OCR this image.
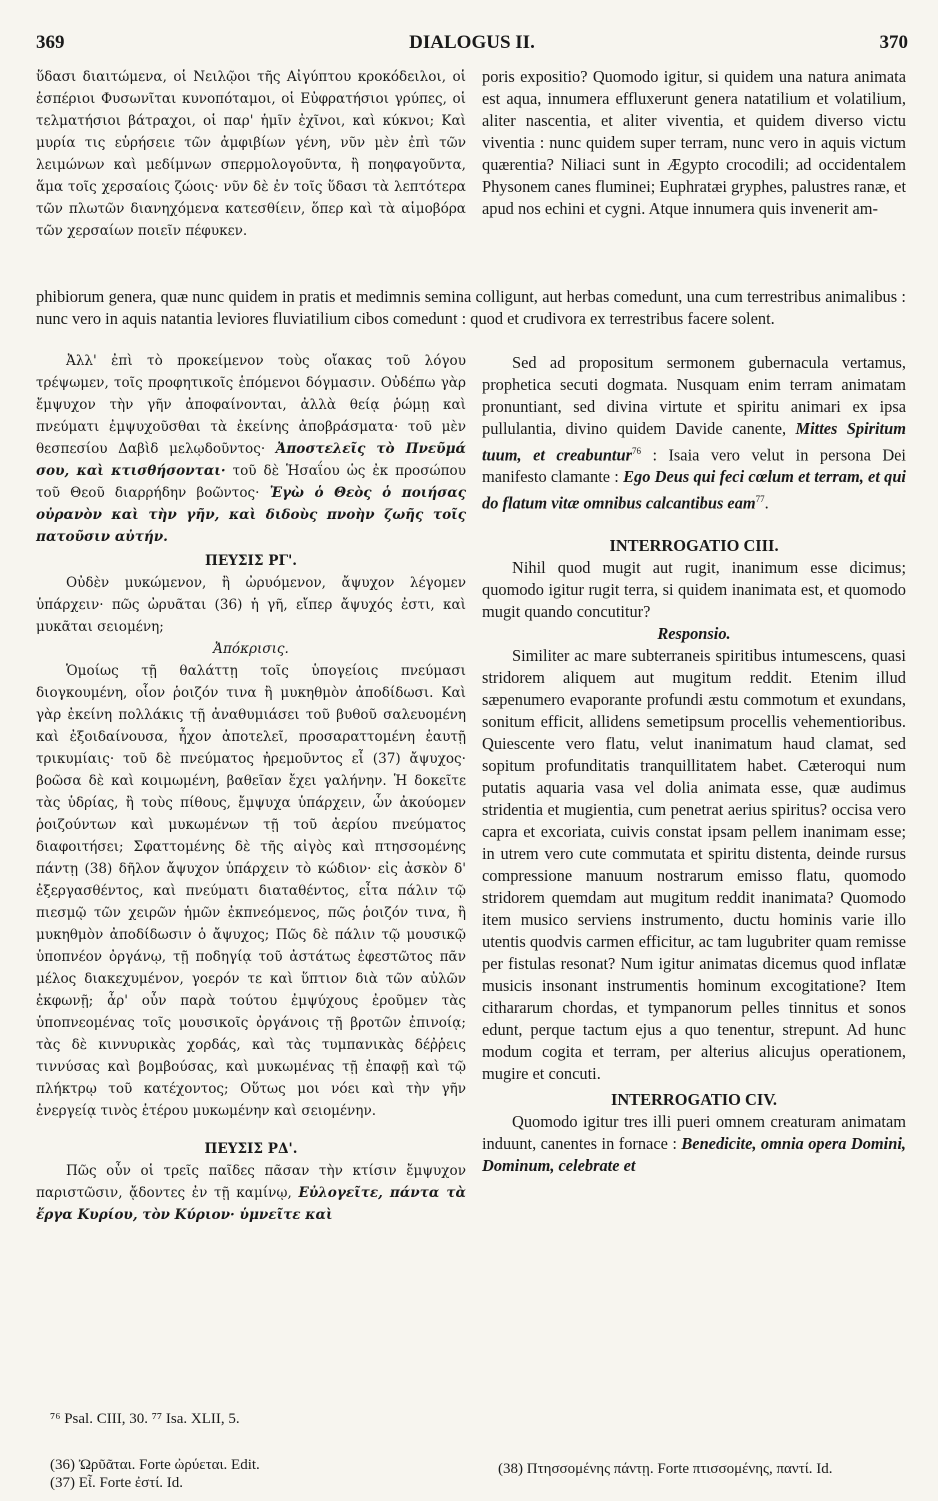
369	DIALOGUS II.	370

ὕδασι διαιτώμενα, οἱ Νειλῷοι τῆς Αἰγύπτου κροκόδειλοι, οἱ ἑσπέριοι Φυσωνῖται κυνοπόταμοι, οἱ Εὐφρατήσιοι γρύπες, οἱ τελματήσιοι βάτραχοι, οἱ παρ' ἡμῖν ἐχῖνοι, καὶ κύκνοι; Καὶ μυρία τις εὑρήσειε τῶν ἀμφιβίων γένη, νῦν μὲν ἐπὶ τῶν λειμώνων καὶ μεδίμνων σπερμολογοῦντα, ἢ ποηφαγοῦντα, ἅμα τοῖς χερσαίοις ζώοις· νῦν δὲ ἐν τοῖς ὕδασι τὰ λεπτότερα τῶν πλωτῶν διανηχόμενα κατεσθίειν, ὅπερ καὶ τὰ αἱμοβόρα τῶν χερσαίων ποιεῖν πέφυκεν.

poris expositio? Quomodo igitur, si quidem una natura animata est aqua, innumera effluxerunt genera natatilium et volatilium, aliter nascentia, et aliter viventia, et quidem diverso victu viventia : nunc quidem super terram, nunc vero in aquis victum quærentia? Niliaci sunt in Ægypto crocodili; ad occidentalem Physonem canes fluminei; Euphratæi gryphes, palustres ranæ, et apud nos echini et cygni. Atque innumera quis invenerit am-

phibiorum genera, quæ nunc quidem in pratis et medimnis semina colligunt, aut herbas comedunt, una cum terrestribus animalibus : nunc vero in aquis natantia leviores fluviatilium cibos comedunt : quod et crudivora ex terrestribus facere solent.

Ἀλλ' ἐπὶ τὸ προκείμενον τοὺς οἴακας τοῦ λόγου τρέψωμεν, τοῖς προφητικοῖς ἑπόμενοι δόγμασιν. Οὐδέπω γὰρ ἔμψυχον τὴν γῆν ἀποφαίνονται, ἀλλὰ θείᾳ ῥώμῃ καὶ πνεύματι ἐμψυχοῦσθαι τὰ ἐκείνης ἀποβράσματα· τοῦ μὲν θεσπεσίου Δαβὶδ μελῳδοῦντος· Ἀποστελεῖς τὸ Πνεῦμά σου, καὶ κτισθήσονται· τοῦ δὲ Ἡσαΐου ὡς ἐκ προσώπου τοῦ Θεοῦ διαρρήδην βοῶντος· Ἐγὼ ὁ Θεὸς ὁ ποιήσας οὐρανὸν καὶ τὴν γῆν, καὶ διδοὺς πνοὴν ζωῆς τοῖς πατοῦσιν αὐτήν.

ΠΕΥΣΙΣ ΡΓ'.

Οὐδὲν μυκώμενον, ἢ ὠρυόμενον, ἄψυχον λέγομεν ὑπάρχειν· πῶς ὠρυᾶται (36) ἡ γῆ, εἴπερ ἄψυχός ἐστι, καὶ μυκᾶται σειομένη;

Ἀπόκρισις.

Ὁμοίως τῇ θαλάττῃ τοῖς ὑπογείοις πνεύμασι διογκουμένη, οἷον ῥοιζόν τινα ἢ μυκηθμὸν ἀποδίδωσι. Καὶ γὰρ ἐκείνη πολλάκις τῇ ἀναθυμιάσει τοῦ βυθοῦ σαλευομένη καὶ ἐξοιδαίνουσα, ἦχον ἀποτελεῖ, προσαραττομένη ἑαυτῇ τρικυμίαις· τοῦ δὲ πνεύματος ἠρεμοῦντος εἶ (37) ἄψυχος· βοῶσα δὲ καὶ κοιμωμένη, βαθεῖαν ἔχει γαλήνην. Ἡ δοκεῖτε τὰς ὑδρίας, ἢ τοὺς πίθους, ἔμψυχα ὑπάρχειν, ὧν ἀκούομεν ῥοιζούντων καὶ μυκωμένων τῇ τοῦ ἀερίου πνεύματος διαφοιτήσει; Σφαττομένης δὲ τῆς αἰγὸς καὶ πτησσομένης πάντῃ (38) δῆλον ἄψυχον ὑπάρχειν τὸ κώδιον· εἰς ἀσκὸν δ' ἐξεργασθέντος, καὶ πνεύματι διαταθέντος, εἶτα πάλιν τῷ πιεσμῷ τῶν χειρῶν ἡμῶν ἐκπνεόμενος, πῶς ῥοιζόν τινα, ἢ μυκηθμὸν ἀποδίδωσιν ὁ ἄψυχος; Πῶς δὲ πάλιν τῷ μουσικῷ ὑποπνέον ὀργάνῳ, τῇ ποδηγίᾳ τοῦ ἀστάτως ἐφεστῶτος πᾶν μέλος διακεχυμένον, γοερόν τε καὶ ὕπτιον διὰ τῶν αὐλῶν ἐκφωνῇ; ἆρ' οὖν παρὰ τούτου ἐμψύχους ἐροῦμεν τὰς ὑποπνεομένας τοῖς μουσικοῖς ὀργάνοις τῇ βροτῶν ἐπινοίᾳ; τὰς δὲ κιννυρικὰς χορδάς, καὶ τὰς τυμπανικὰς δέῤῥεις τιννύσας καὶ βομβούσας, καὶ μυκωμένας τῇ ἐπαφῇ καὶ τῷ πλήκτρῳ τοῦ κατέχοντος; Οὕτως μοι νόει καὶ τὴν γῆν ἐνεργείᾳ τινὸς ἑτέρου μυκωμένην καὶ σειομένην.

ΠΕΥΣΙΣ ΡΔ'.

Πῶς οὖν οἱ τρεῖς παῖδες πᾶσαν τὴν κτίσιν ἔμψυχον παριστῶσιν, ᾄδοντες ἐν τῇ καμίνῳ, Εὐλογεῖτε, πάντα τὰ ἔργα Κυρίου, τὸν Κύριον· ὑμνεῖτε καὶ

Sed ad propositum sermonem gubernacula vertamus, prophetica secuti dogmata. Nusquam enim terram animatam pronuntiant, sed divina virtute et spiritu animari ex ipsa pullulantia, divino quidem Davide canente, Mittes Spiritum tuum, et creabuntur$^{76}$ : Isaia vero velut in persona Dei manifesto clamante : Ego Deus qui feci cœlum et terram, et qui do flatum vitæ omnibus calcantibus eam$^{77}$.

INTERROGATIO CIII.

Nihil quod mugit aut rugit, inanimum esse dicimus; quomodo igitur rugit terra, si quidem inanimata est, et quomodo mugit quando concutitur?

Responsio.

Similiter ac mare subterraneis spiritibus intumescens, quasi stridorem aliquem aut mugitum reddit. Etenim illud sæpenumero evaporante profundi æstu commotum et exundans, sonitum efficit, allidens semetipsum procellis vehementioribus. Quiescente vero flatu, velut inanimatum haud clamat, sed sopitum profunditatis tranquillitatem habet. Cæteroqui num putatis aquaria vasa vel dolia animata esse, quæ audimus stridentia et mugientia, cum penetrat aerius spiritus? occisa vero capra et excoriata, cuivis constat ipsam pellem inanimam esse; in utrem vero cute commutata et spiritu distenta, deinde rursus compressione manuum nostrarum emisso flatu, quomodo stridorem quemdam aut mugitum reddit inanimata? Quomodo item musico serviens instrumento, ductu hominis varie illo utentis quodvis carmen efficitur, ac tam lugubriter quam remisse per fistulas resonat? Num igitur animatas dicemus quod inflatæ musicis insonant instrumentis hominum excogitatione? Item cithararum chordas, et tympanorum pelles tinnitus et sonos edunt, perque tactum ejus a quo tenentur, strepunt. Ad hunc modum cogita et terram, per alterius alicujus operationem, mugire et concuti.

INTERROGATIO CIV.

Quomodo igitur tres illi pueri omnem creaturam animatam induunt, canentes in fornace : Benedicite, omnia opera Domini, Dominum, celebrate et

⁷⁶ Psal. CIII, 30. ⁷⁷ Isa. XLII, 5.
(36) Ὠρῦᾶται. Forte ὠρύεται. Edit.
(37) Εἶ. Forte ἐστί. Id.
(38) Πτησσομένης πάντῃ. Forte πτισσομένης, παντί. Id.
